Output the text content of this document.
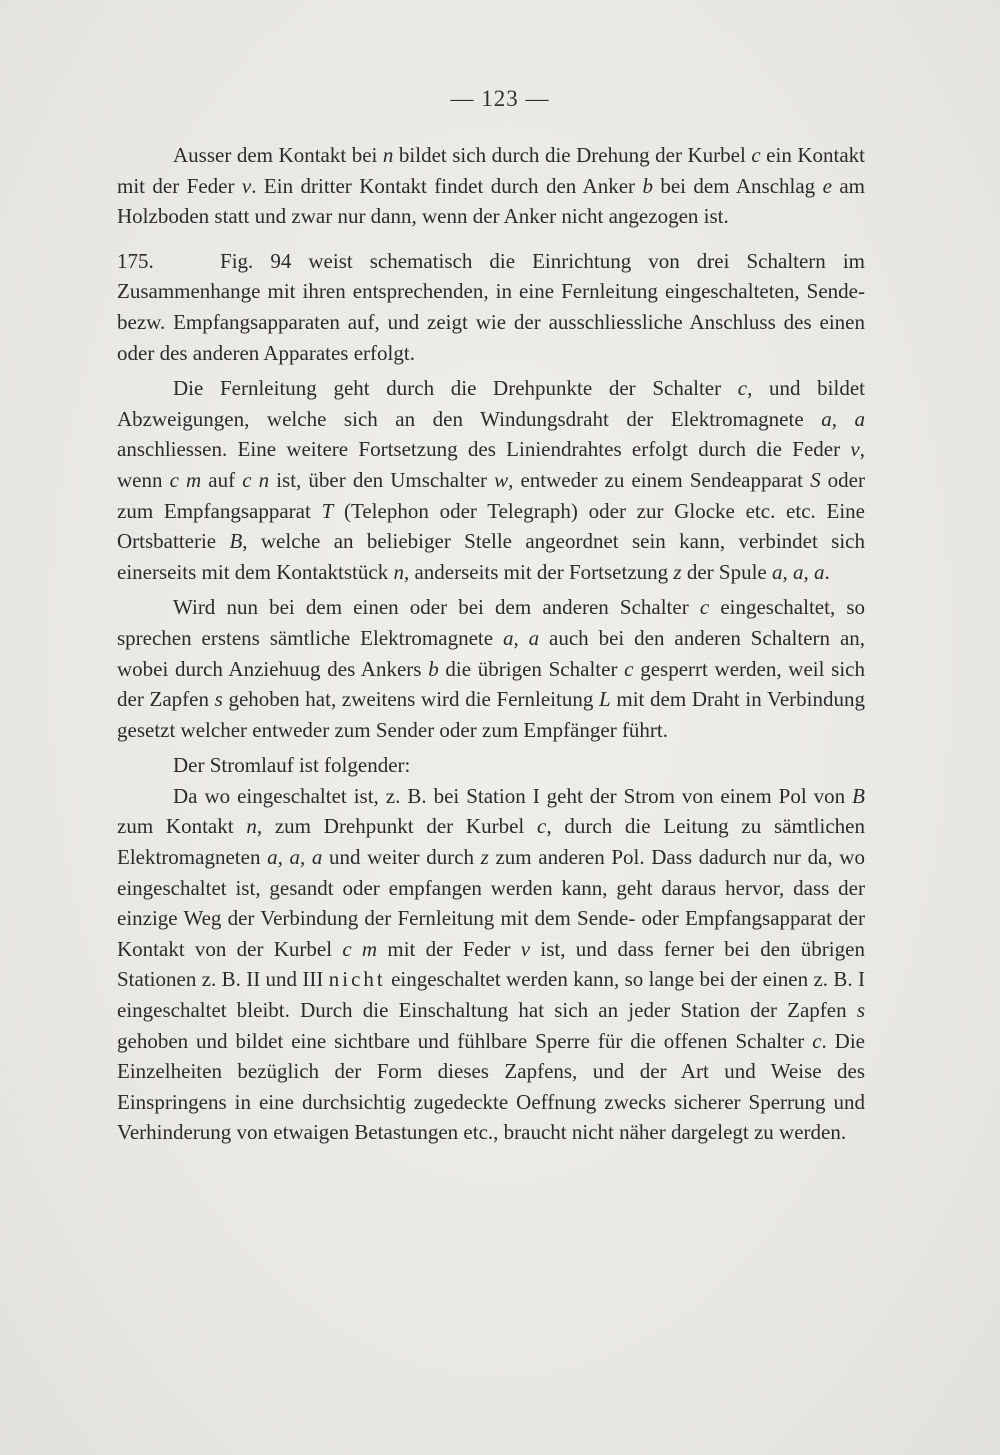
— 123 —

Ausser dem Kontakt bei n bildet sich durch die Drehung der Kurbel c ein Kontakt mit der Feder v. Ein dritter Kontakt findet durch den Anker b bei dem Anschlag e am Holzboden statt und zwar nur dann, wenn der Anker nicht angezogen ist.

175.	Fig. 94 weist schematisch die Einrichtung von drei Schaltern im Zusammenhange mit ihren entsprechenden, in eine Fernleitung eingeschalteten, Sende- bezw. Empfangsapparaten auf, und zeigt wie der ausschliessliche Anschluss des einen oder des anderen Apparates erfolgt.

Die Fernleitung geht durch die Drehpunkte der Schalter c, und bildet Abzweigungen, welche sich an den Windungsdraht der Elektromagnete a, a anschliessen. Eine weitere Fortsetzung des Liniendrahtes erfolgt durch die Feder v, wenn c m auf c n ist, über den Umschalter w, entweder zu einem Sendeapparat S oder zum Empfangsapparat T (Telephon oder Telegraph) oder zur Glocke etc. etc. Eine Ortsbatterie B, welche an beliebiger Stelle angeordnet sein kann, verbindet sich einerseits mit dem Kontaktstück n, anderseits mit der Fortsetzung z der Spule a, a, a.

Wird nun bei dem einen oder bei dem anderen Schalter c eingeschaltet, so sprechen erstens sämtliche Elektromagnete a, a auch bei den anderen Schaltern an, wobei durch Anziehuug des Ankers b die übrigen Schalter c gesperrt werden, weil sich der Zapfen s gehoben hat, zweitens wird die Fernleitung L mit dem Draht in Verbindung gesetzt welcher entweder zum Sender oder zum Empfänger führt.

Der Stromlauf ist folgender:

Da wo eingeschaltet ist, z. B. bei Station I geht der Strom von einem Pol von B zum Kontakt n, zum Drehpunkt der Kurbel c, durch die Leitung zu sämtlichen Elektromagneten a, a, a und weiter durch z zum anderen Pol. Dass dadurch nur da, wo eingeschaltet ist, gesandt oder empfangen werden kann, geht daraus hervor, dass der einzige Weg der Verbindung der Fernleitung mit dem Sende- oder Empfangsapparat der Kontakt von der Kurbel c m mit der Feder v ist, und dass ferner bei den übrigen Stationen z. B. II und III nicht eingeschaltet werden kann, so lange bei der einen z. B. I eingeschaltet bleibt. Durch die Einschaltung hat sich an jeder Station der Zapfen s gehoben und bildet eine sichtbare und fühlbare Sperre für die offenen Schalter c. Die Einzelheiten bezüglich der Form dieses Zapfens, und der Art und Weise des Einspringens in eine durchsichtig zugedeckte Oeffnung zwecks sicherer Sperrung und Verhinderung von etwaigen Betastungen etc., braucht nicht näher dargelegt zu werden.
